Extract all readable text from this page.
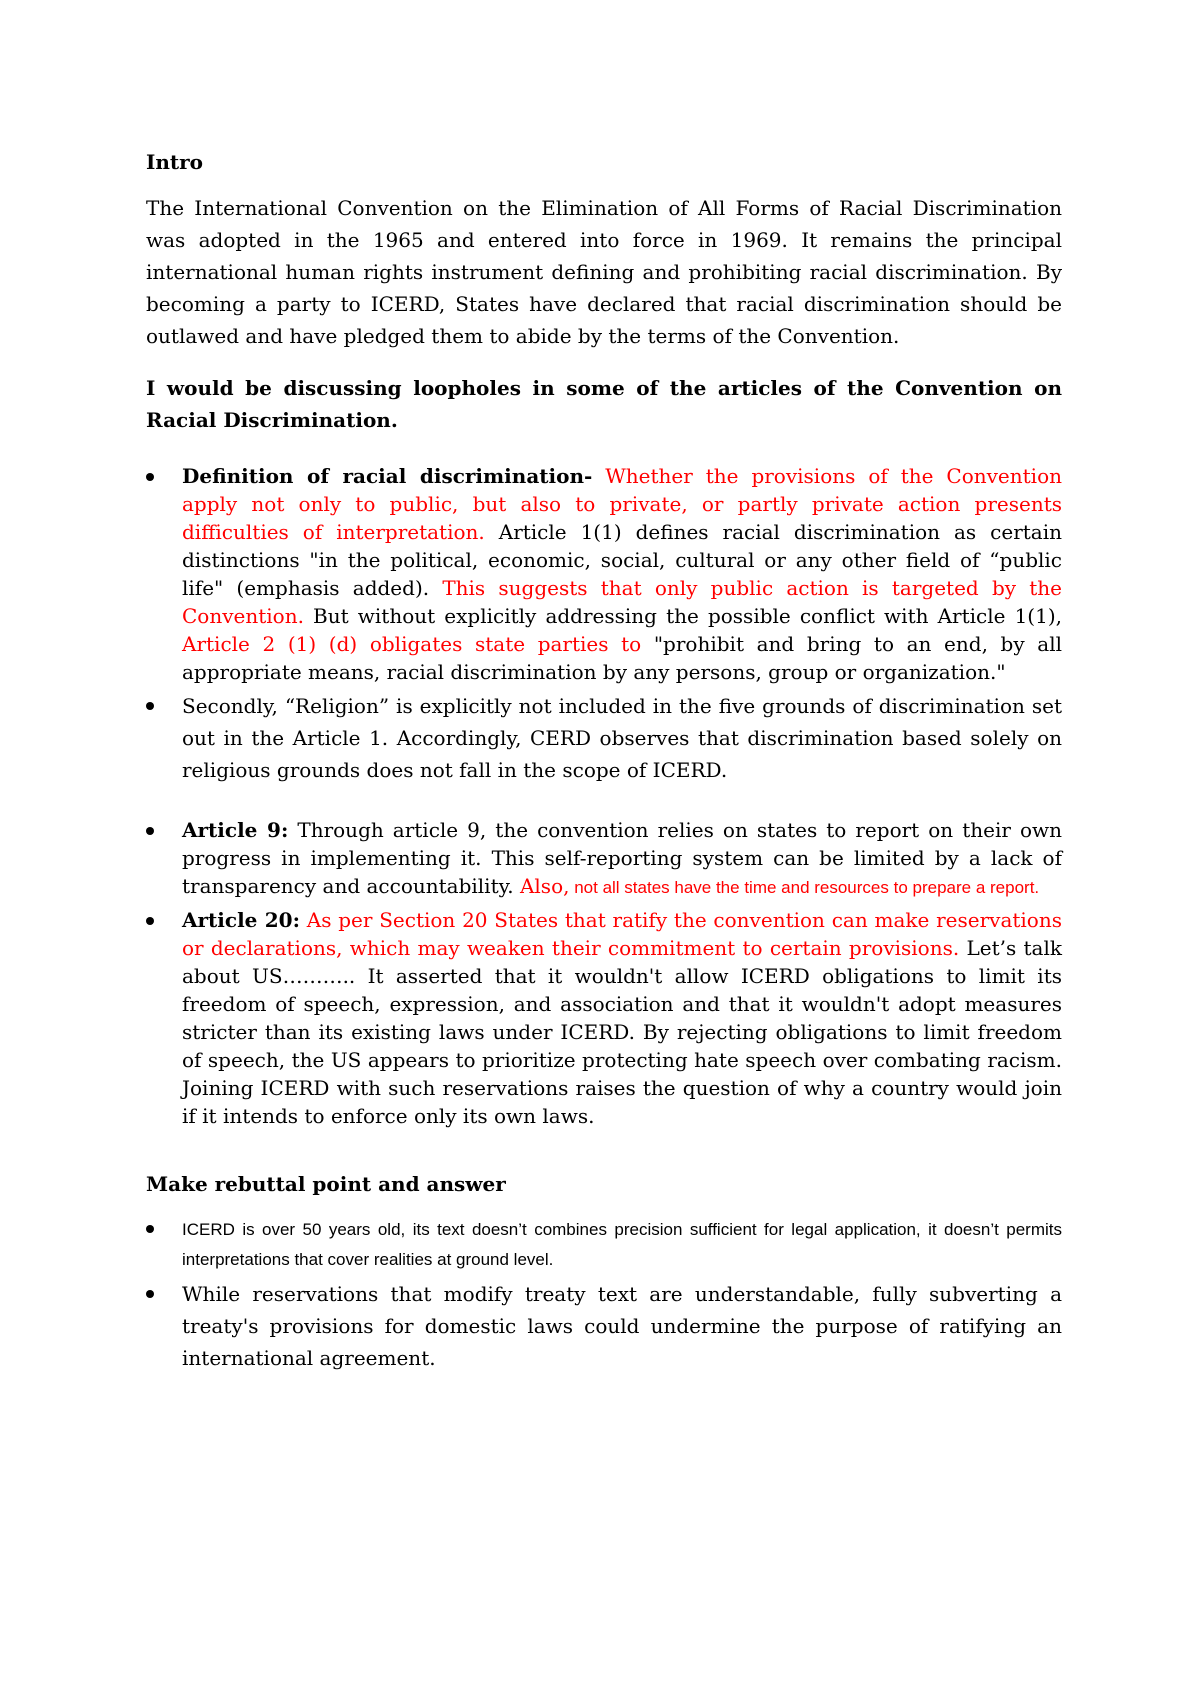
Intro

The International Convention on the Elimination of All Forms of Racial Discrimination was adopted in the 1965 and entered into force in 1969. It remains the principal international human rights instrument defining and prohibiting racial discrimination. By becoming a party to ICERD, States have declared that racial discrimination should be outlawed and have pledged them to abide by the terms of the Convention.

I would be discussing loopholes in some of the articles of the Convention on Racial Discrimination.

Definition of racial discrimination- Whether the provisions of the Convention apply not only to public, but also to private, or partly private action presents difficulties of interpretation. Article 1(1) defines racial discrimination as certain distinctions "in the political, economic, social, cultural or any other field of “public life" (emphasis added). This suggests that only public action is targeted by the Convention. But without explicitly addressing the possible conflict with Article 1(1), Article 2 (1) (d) obligates state parties to "prohibit and bring to an end, by all appropriate means, racial discrimination by any persons, group or organization."
Secondly, “Religion” is explicitly not included in the five grounds of discrimination set out in the Article 1. Accordingly, CERD observes that discrimination based solely on religious grounds does not fall in the scope of ICERD.
Article 9: Through article 9, the convention relies on states to report on their own progress in implementing it. This self-reporting system can be limited by a lack of transparency and accountability. Also, not all states have the time and resources to prepare a report.
Article 20: As per Section 20 States that ratify the convention can make reservations or declarations, which may weaken their commitment to certain provisions. Let’s talk about US……….. It asserted that it wouldn't allow ICERD obligations to limit its freedom of speech, expression, and association and that it wouldn't adopt measures stricter than its existing laws under ICERD. By rejecting obligations to limit freedom of speech, the US appears to prioritize protecting hate speech over combating racism. Joining ICERD with such reservations raises the question of why a country would join if it intends to enforce only its own laws.
Make rebuttal point and answer
ICERD is over 50 years old, its text doesn’t combines precision sufficient for legal application, it doesn’t permits interpretations that cover realities at ground level.
While reservations that modify treaty text are understandable, fully subverting a treaty's provisions for domestic laws could undermine the purpose of ratifying an international agreement.
